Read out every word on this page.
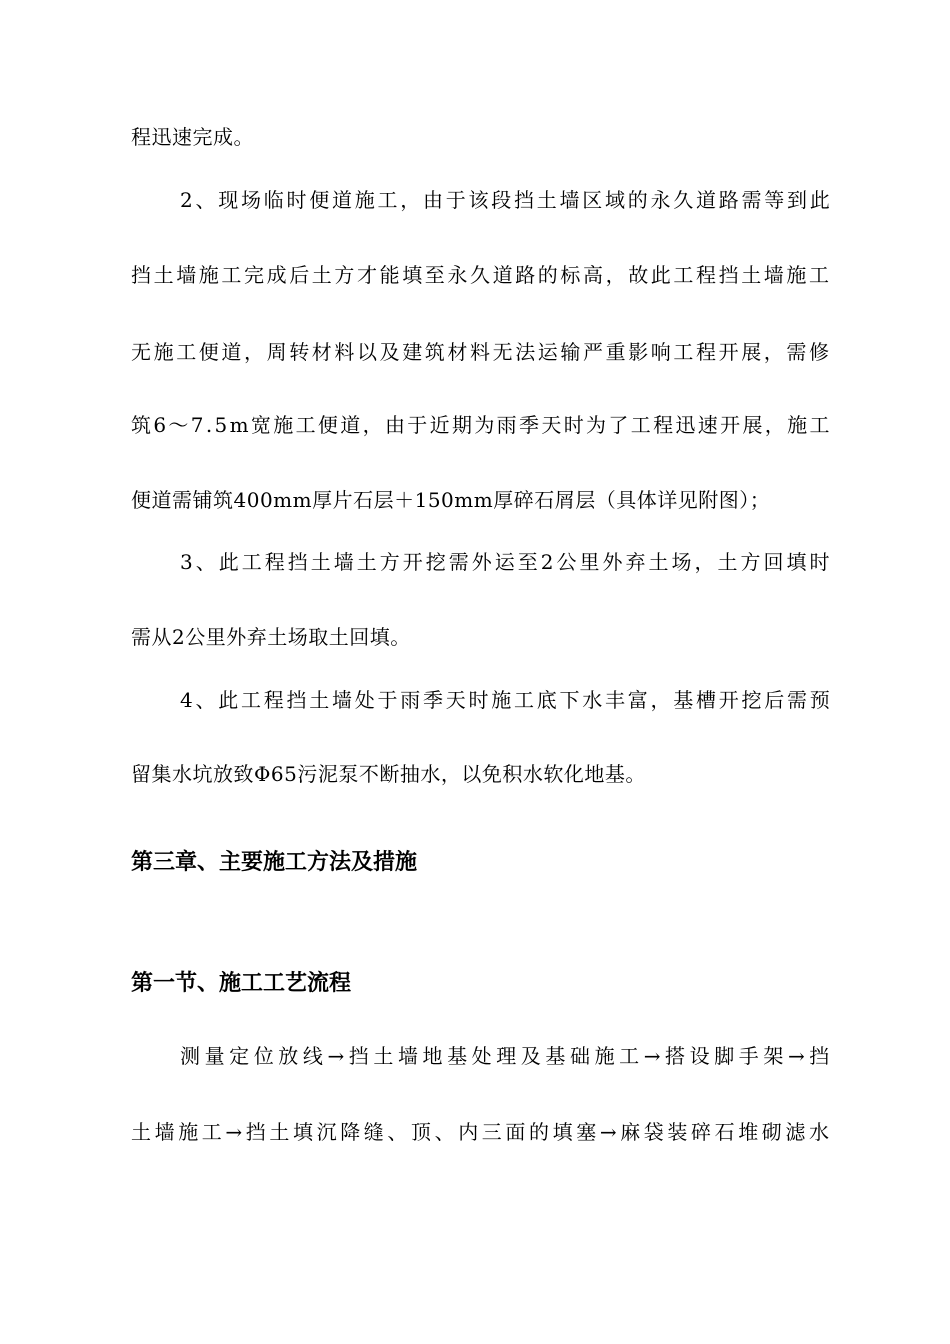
程迅速完成。
2、现场临时便道施工，由于该段挡土墙区域的永久道路需等到此
挡土墙施工完成后土方才能填至永久道路的标高，故此工程挡土墙施工
无施工便道，周转材料以及建筑材料无法运输严重影响工程开展，需修
筑6～7.5m宽施工便道，由于近期为雨季天时为了工程迅速开展，施工
便道需铺筑400mm厚片石层＋150mm厚碎石屑层（具体详见附图）；
3、此工程挡土墙土方开挖需外运至2公里外弃土场，土方回填时
需从2公里外弃土场取土回填。
4、此工程挡土墙处于雨季天时施工底下水丰富，基槽开挖后需预
留集水坑放致Φ65污泥泵不断抽水，以免积水软化地基。
第三章、主要施工方法及措施
第一节、施工工艺流程
测量定位放线→挡土墙地基处理及基础施工→搭设脚手架→挡
土墙施工→挡土填沉降缝、顶、内三面的填塞→麻袋装碎石堆砌滤水
